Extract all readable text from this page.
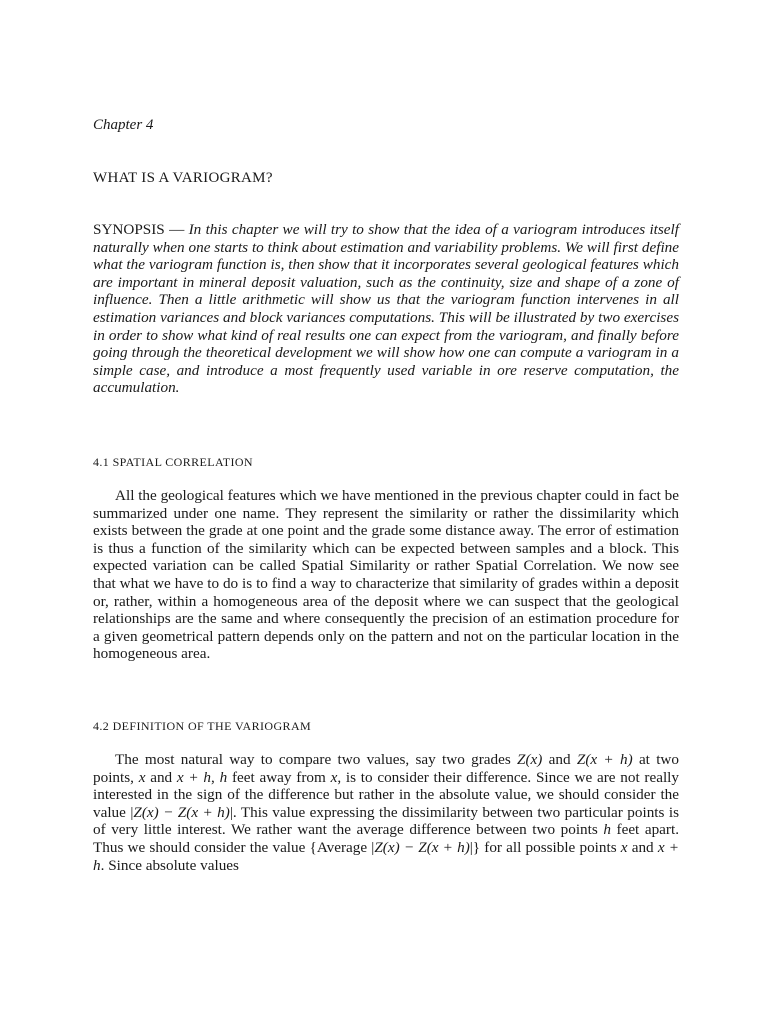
Chapter 4

WHAT IS A VARIOGRAM?

SYNOPSIS — In this chapter we will try to show that the idea of a variogram introduces itself naturally when one starts to think about estimation and variability problems. We will first define what the variogram function is, then show that it incorporates several geological features which are important in mineral deposit valuation, such as the continuity, size and shape of a zone of influence. Then a little arithmetic will show us that the variogram function intervenes in all estimation variances and block variances computations. This will be illustrated by two exercises in order to show what kind of real results one can expect from the variogram, and finally before going through the theoretical development we will show how one can compute a variogram in a simple case, and introduce a most frequently used variable in ore reserve computation, the accumulation.

4.1 SPATIAL CORRELATION

All the geological features which we have mentioned in the previous chapter could in fact be summarized under one name. They represent the similarity or rather the dissimilarity which exists between the grade at one point and the grade some distance away. The error of estimation is thus a function of the similarity which can be expected between samples and a block. This expected variation can be called Spatial Similarity or rather Spatial Correlation. We now see that what we have to do is to find a way to characterize that similarity of grades within a deposit or, rather, within a homogeneous area of the deposit where we can suspect that the geological relationships are the same and where consequently the precision of an estimation procedure for a given geometrical pattern depends only on the pattern and not on the particular location in the homogeneous area.

4.2 DEFINITION OF THE VARIOGRAM

The most natural way to compare two values, say two grades Z(x) and Z(x + h) at two points, x and x + h, h feet away from x, is to consider their difference. Since we are not really interested in the sign of the difference but rather in the absolute value, we should consider the value |Z(x) − Z(x + h)|. This value expressing the dissimilarity between two particular points is of very little interest. We rather want the average difference between two points h feet apart. Thus we should consider the value {Average |Z(x) − Z(x + h)|} for all possible points x and x + h. Since absolute values
